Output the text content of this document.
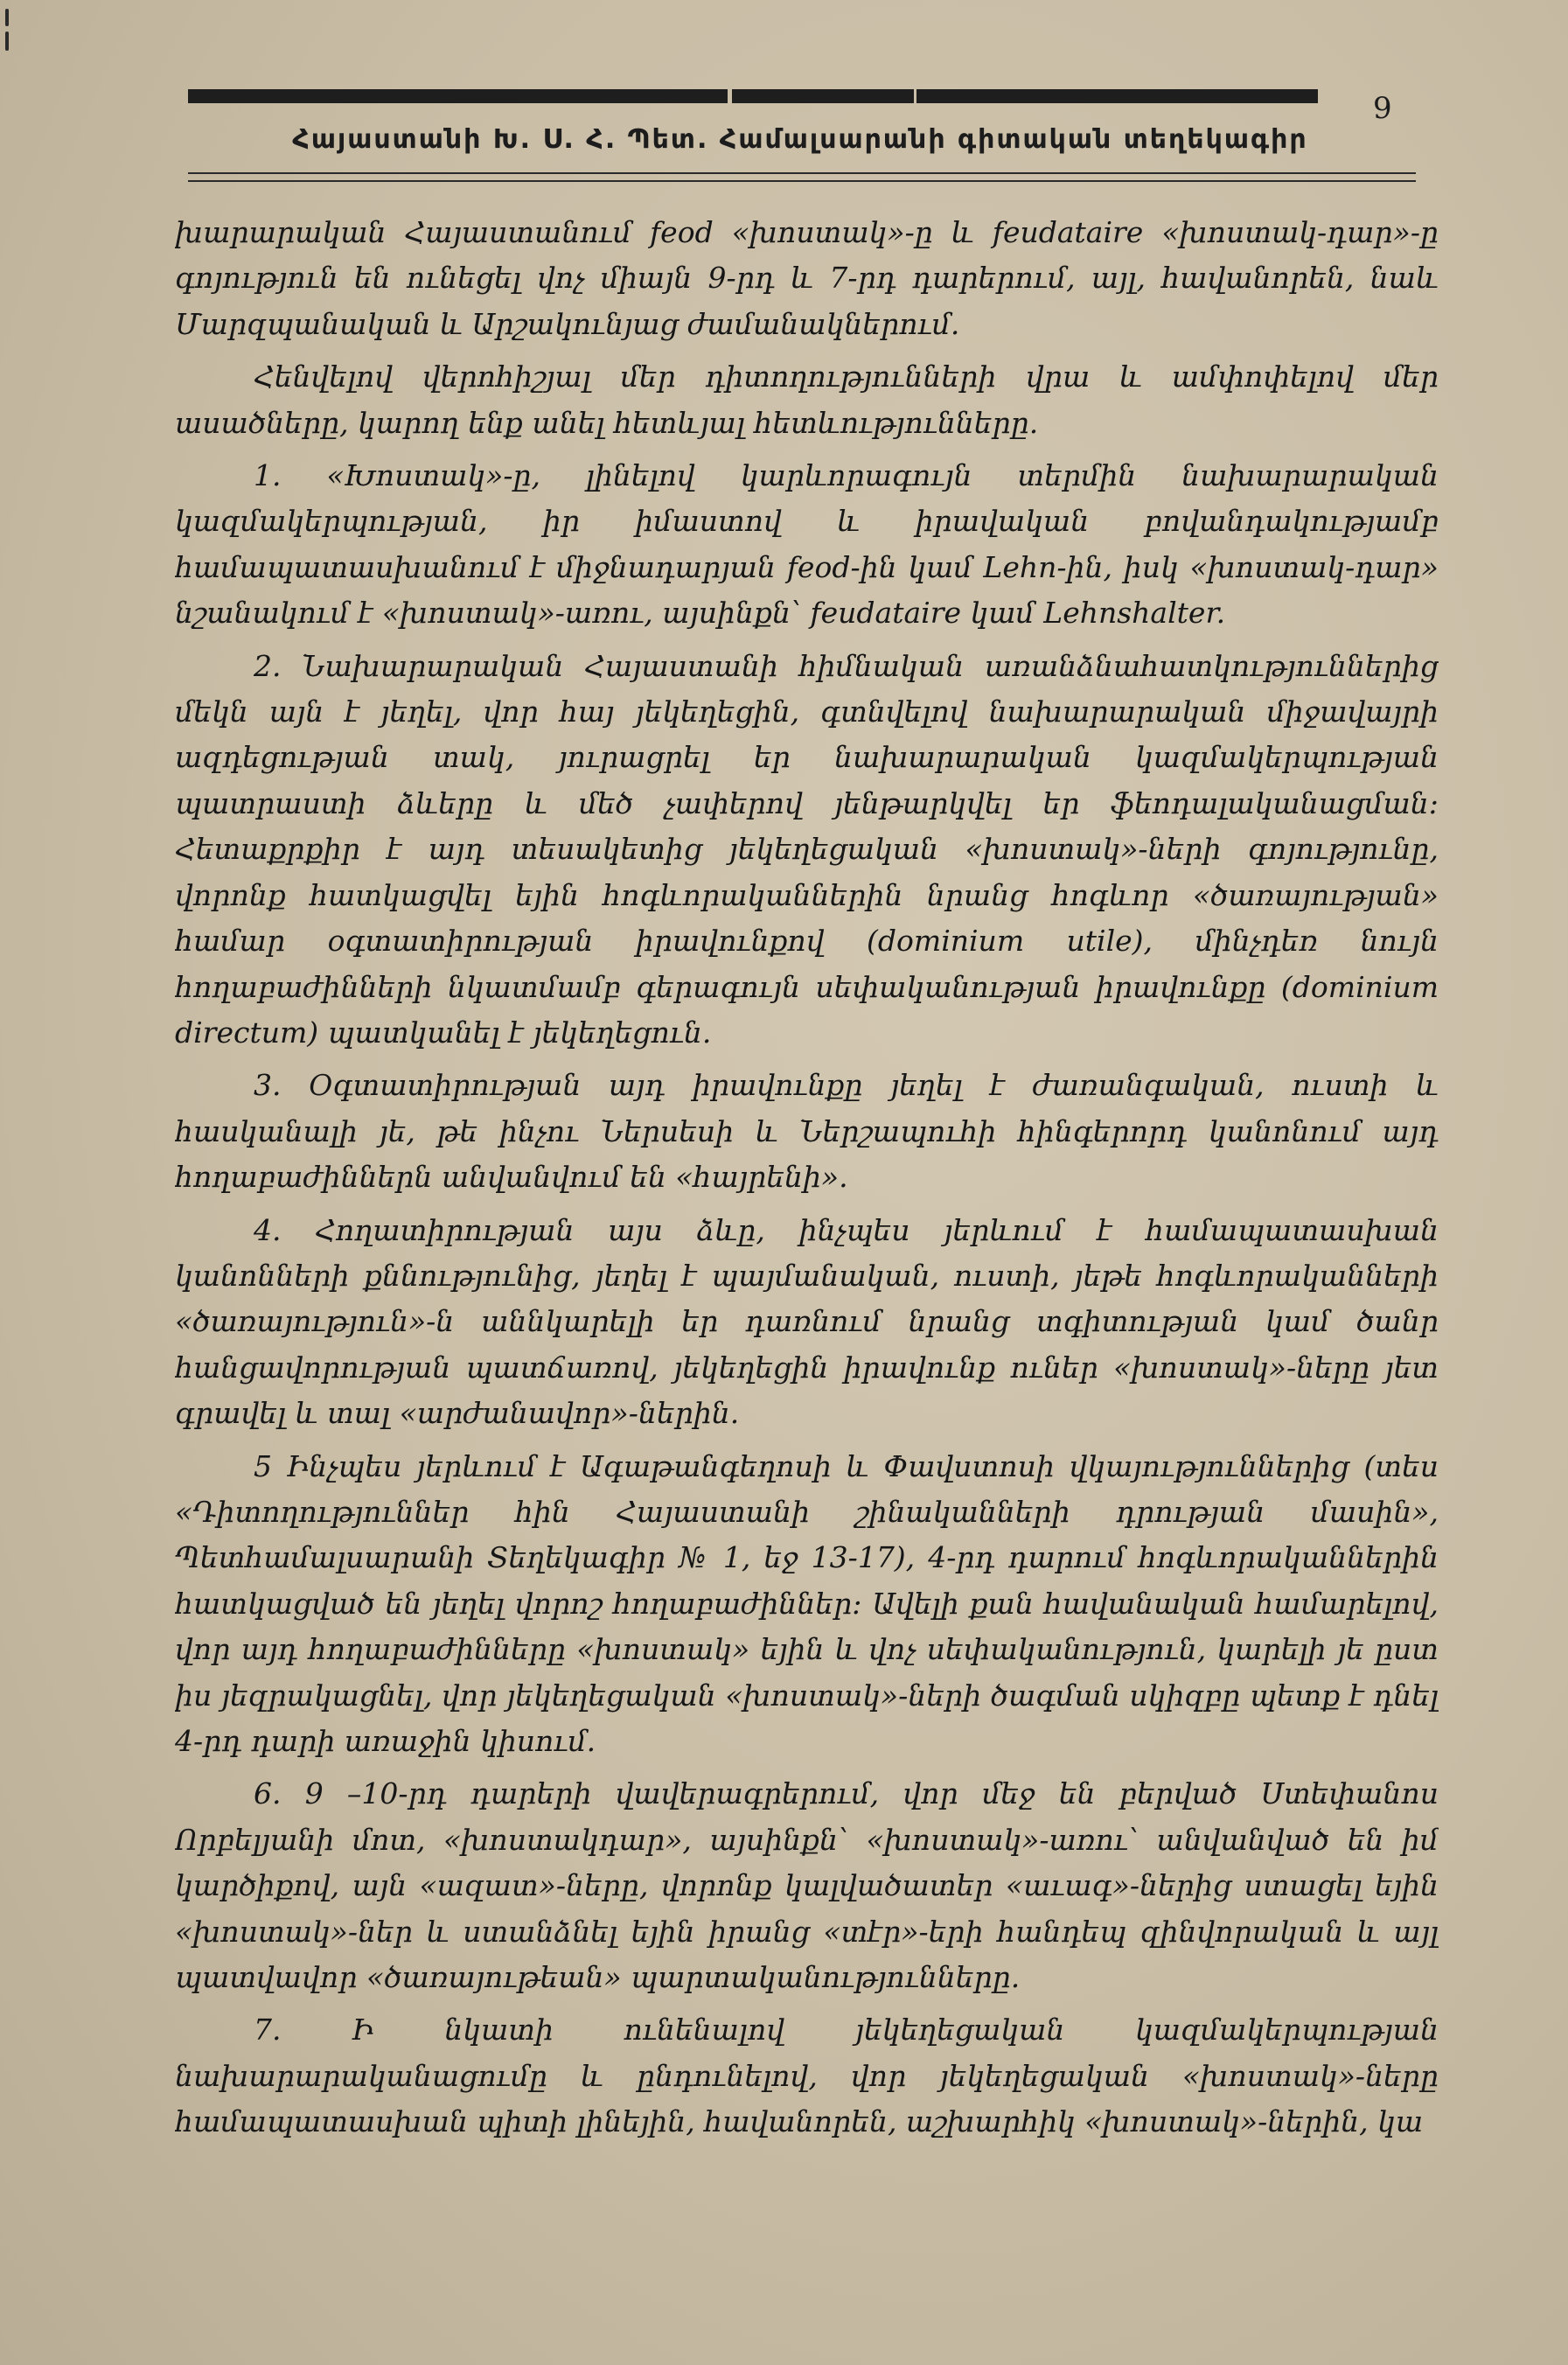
9
Հայաստանի Խ. Ս. Հ. Պետ. Համալսարանի գիտական տեղեկագիր

խարարական Հայաստանում feod «խոստակ»-ը և feudataire «խոստակ-դար»-ը գոյություն են ունեցել վոչ միայն 9-րդ և 7-րդ դարերում, այլ, հավանորեն, նաև Մարզպանական և Արշակունյաց ժամանակներում.

Հենվելով վերոհիշյալ մեր դիտողությունների վրա և ամփոփելով մեր ասածները, կարող ենք անել հետևյալ հետևությունները.

1. «Խոստակ»-ը, լինելով կարևորագույն տերմին նախարարական կազմակերպության, իր իմաստով և իրավական բովանդակությամբ համապատասխանում է միջնադարյան feod-ին կամ Lehn-ին, իսկ «խոստակ-դար» նշանակում է «խոստակ»-առու, այսինքն՝ feudataire կամ Lehnshalter.

2. Նախարարական Հայաստանի հիմնական առանձնահատկություններից մեկն այն է յեղել, վոր հայ յեկեղեցին, գտնվելով նախարարական միջավայրի ազդեցության տակ, յուրացրել եր նախարարական կազմակերպության պատրաստի ձևերը և մեծ չափերով յենթարկվել եր ֆեոդալականացման։ Հետաքրքիր է այդ տեսակետից յեկեղեցական «խոստակ»-ների գոյությունը, վորոնք հատկացվել եյին հոգևորականներին նրանց հոգևոր «ծառայության» համար օգտատիրության իրավունքով (dominium utile), մինչդեռ նույն հողաբաժինների նկատմամբ գերագույն սեփականության իրավունքը (dominium directum) պատկանել է յեկեղեցուն.

3. Օգտատիրության այդ իրավունքը յեղել է ժառանգական, ուստի և հասկանալի յե, թե ինչու Ներսեսի և Ներշապուհի հինգերորդ կանոնում այդ հողաբաժիններն անվանվում են «հայրենի».

4. Հողատիրության այս ձևը, ինչպես յերևում է համապատասխան կանոնների քննությունից, յեղել է պայմանական, ուստի, յեթե հոգևորականների «ծառայություն»-ն աննկարելի եր դառնում նրանց տգիտության կամ ծանր հանցավորության պատճառով, յեկեղեցին իրավունք ուներ «խոստակ»-ները յետ գրավել և տալ «արժանավոր»-ներին.

5 Ինչպես յերևում է Ագաթանգեղոսի և Փավստոսի վկայություններից (տես «Դիտողություններ հին Հայաստանի շինականների դրության մասին», Պետհամալսարանի Տեղեկագիր № 1, եջ 13-17), 4-րդ դարում հոգևորականներին հատկացված են յեղել վորոշ հողաբաժիններ։ Ավելի քան հավանական համարելով, վոր այդ հողաբաժինները «խոստակ» եյին և վոչ սեփականություն, կարելի յե ըստ իս յեզրակացնել, վոր յեկեղեցական «խոստակ»-ների ծագման սկիզբը պետք է դնել 4-րդ դարի առաջին կիսում.

6. 9 –10-րդ դարերի վավերագրերում, վոր մեջ են բերված Ստեփանոս Որբելյանի մոտ, «խոստակդար», այսինքն՝ «խոստակ»-առու՝ անվանված են իմ կարծիքով, այն «ազատ»-ները, վորոնք կալվածատեր «աւագ»-ներից ստացել եյին «խոստակ»-ներ և ստանձնել եյին իրանց «տէր»-երի հանդեպ զինվորական և այլ պատվավոր «ծառայութեան» պարտականությունները.

7. Ի նկատի ունենալով յեկեղեցական կազմակերպության նախարարականացումը և ընդունելով, վոր յեկեղեցական «խոստակ»-ները համապատասխան պիտի լինեյին, հավանորեն, աշխարհիկ «խոստակ»-ներին, կա
